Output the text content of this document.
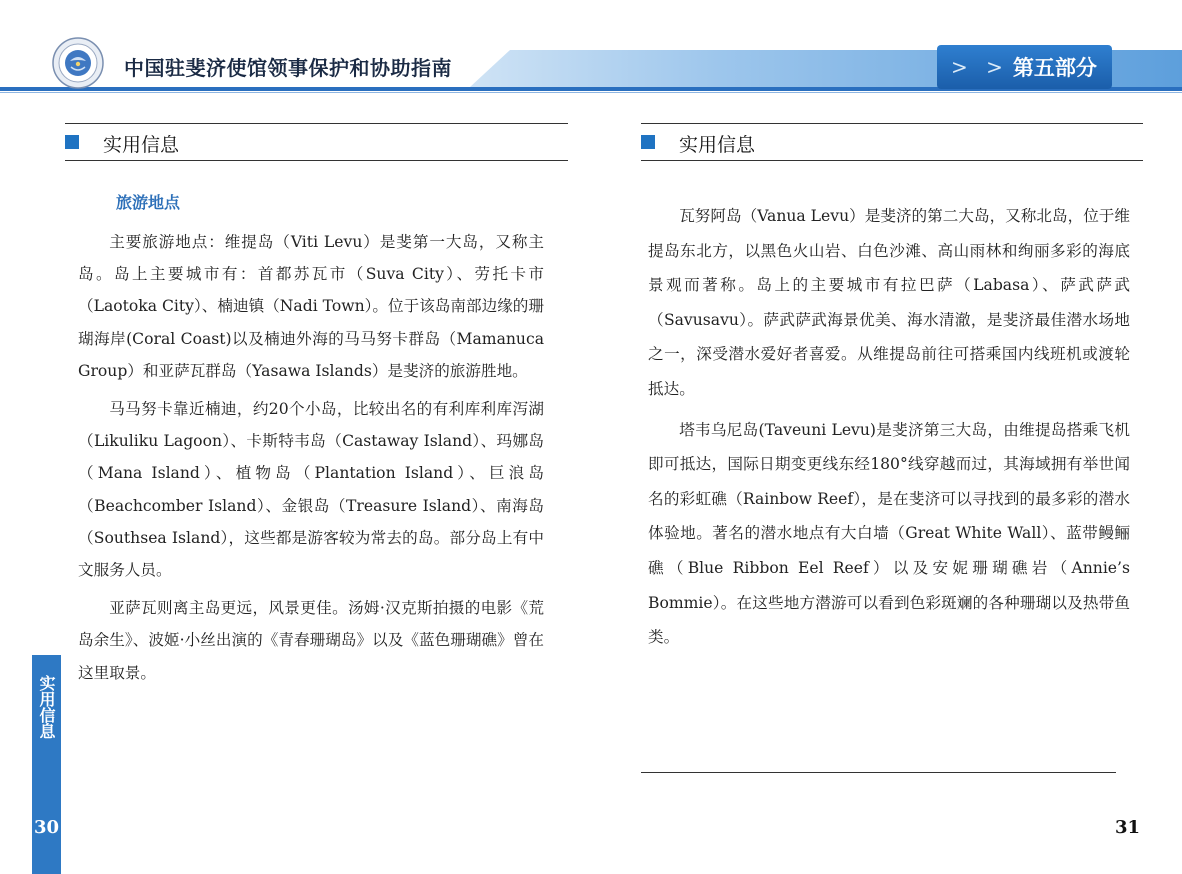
中国驻斐济使馆领事保护和协助指南	> > 第五部分
实用信息
旅游地点

主要旅游地点：维提岛（Viti Levu）是斐第一大岛，又称主岛。岛上主要城市有：首都苏瓦市（Suva City）、劳托卡市（Laotoka City）、楠迪镇（Nadi Town）。位于该岛南部边缘的珊瑚海岸(Coral Coast)以及楠迪外海的马马努卡群岛（Mamanuca Group）和亚萨瓦群岛（Yasawa Islands）是斐济的旅游胜地。

马马努卡靠近楠迪，约20个小岛，比较出名的有利库利库泻湖（Likuliku Lagoon）、卡斯特韦岛（Castaway Island）、玛娜岛（Mana Island）、植物岛（Plantation Island）、巨浪岛（Beachcomber Island）、金银岛（Treasure Island）、南海岛（Southsea Island），这些都是游客较为常去的岛。部分岛上有中文服务人员。

亚萨瓦则离主岛更远，风景更佳。汤姆·汉克斯拍摄的电影《荒岛余生》、波姬·小丝出演的《青春珊瑚岛》以及《蓝色珊瑚礁》曾在这里取景。

实用信息
30
实用信息

瓦努阿岛（Vanua Levu）是斐济的第二大岛，又称北岛，位于维提岛东北方，以黑色火山岩、白色沙滩、高山雨林和绚丽多彩的海底景观而著称。岛上的主要城市有拉巴萨（Labasa）、萨武萨武（Savusavu）。萨武萨武海景优美、海水清澈，是斐济最佳潜水场地之一，深受潜水爱好者喜爱。从维提岛前往可搭乘国内线班机或渡轮抵达。

塔韦乌尼岛(Taveuni Levu)是斐济第三大岛，由维提岛搭乘飞机即可抵达，国际日期变更线东经180°线穿越而过，其海域拥有举世闻名的彩虹礁（Rainbow Reef），是在斐济可以寻找到的最多彩的潜水体验地。著名的潜水地点有大白墙（Great White Wall）、蓝带鳗鲡礁（Blue Ribbon Eel Reef）以及安妮珊瑚礁岩（Annie’s Bommie）。在这些地方潜游可以看到色彩斑斓的各种珊瑚以及热带鱼类。

31
